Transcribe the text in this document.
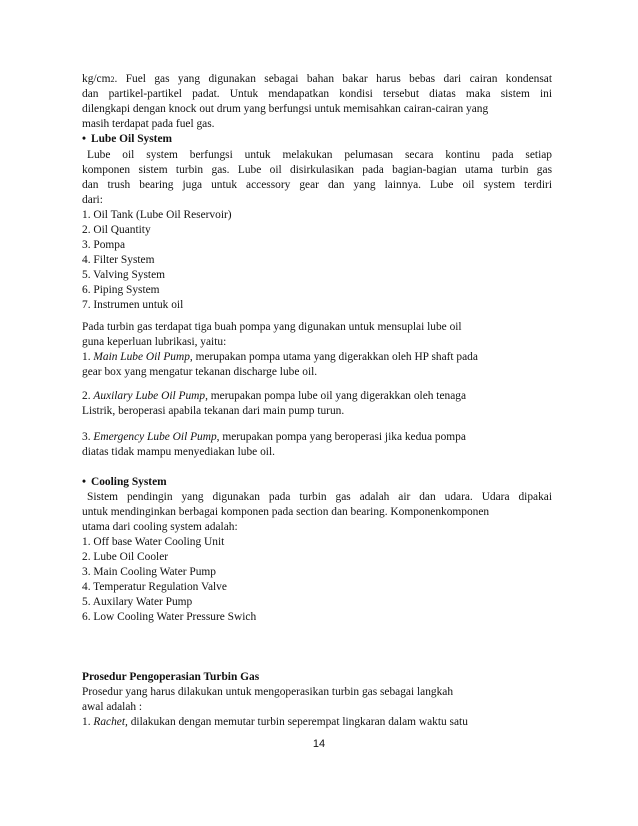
kg/cm2. Fuel gas yang digunakan sebagai bahan bakar harus bebas dari cairan kondensat
dan partikel-partikel padat. Untuk mendapatkan kondisi tersebut diatas maka sistem ini
dilengkapi dengan knock out drum yang berfungsi untuk memisahkan cairan-cairan yang
masih terdapat pada fuel gas.
• Lube Oil System
Lube oil system berfungsi untuk melakukan pelumasan secara kontinu pada setiap
komponen sistem turbin gas. Lube oil disirkulasikan pada bagian-bagian utama turbin gas
dan trush bearing juga untuk accessory gear dan yang lainnya. Lube oil system terdiri
dari:
1. Oil Tank (Lube Oil Reservoir)
2. Oil Quantity
3. Pompa
4. Filter System
5. Valving System
6. Piping System
7. Instrumen untuk oil
Pada turbin gas terdapat tiga buah pompa yang digunakan untuk mensuplai lube oil
guna keperluan lubrikasi, yaitu:
1. Main Lube Oil Pump, merupakan pompa utama yang digerakkan oleh HP shaft pada
gear box yang mengatur tekanan discharge lube oil.
2. Auxilary Lube Oil Pump, merupakan pompa lube oil yang digerakkan oleh tenaga
Listrik, beroperasi apabila tekanan dari main pump turun.
3. Emergency Lube Oil Pump, merupakan pompa yang beroperasi jika kedua pompa
diatas tidak mampu menyediakan lube oil.
• Cooling System
Sistem pendingin yang digunakan pada turbin gas adalah air dan udara. Udara dipakai
untuk mendinginkan berbagai komponen pada section dan bearing. Komponenkomponen
utama dari cooling system adalah:
1. Off base Water Cooling Unit
2. Lube Oil Cooler
3. Main Cooling Water Pump
4. Temperatur Regulation Valve
5. Auxilary Water Pump
6. Low Cooling Water Pressure Swich
Prosedur Pengoperasian Turbin Gas
Prosedur yang harus dilakukan untuk mengoperasikan turbin gas sebagai langkah
awal adalah :
1. Rachet, dilakukan dengan memutar turbin seperempat lingkaran dalam waktu satu
14
